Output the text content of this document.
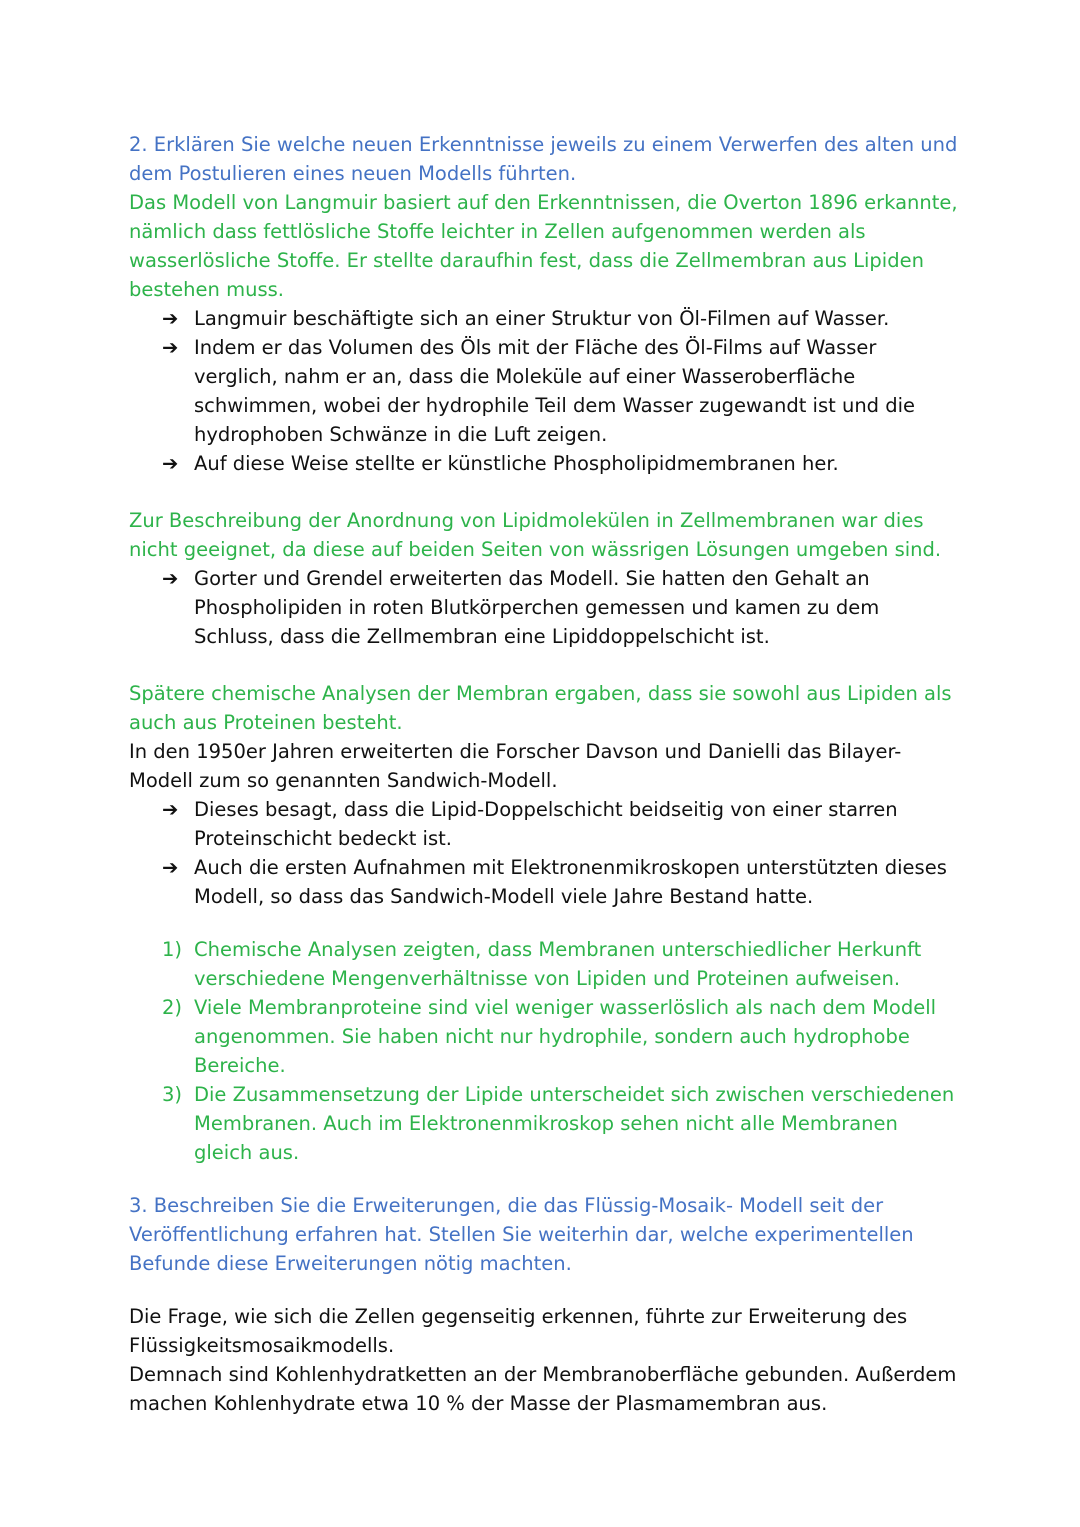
2. Erklären Sie welche neuen Erkenntnisse jeweils zu einem Verwerfen des alten und dem Postulieren eines neuen Modells führten.

Das Modell von Langmuir basiert auf den Erkenntnissen, die Overton 1896 erkannte, nämlich dass fettlösliche Stoffe leichter in Zellen aufgenommen werden als wasserlösliche Stoffe. Er stellte daraufhin fest, dass die Zellmembran aus Lipiden bestehen muss.

➔ Langmuir beschäftigte sich an einer Struktur von Öl-Filmen auf Wasser.
➔ Indem er das Volumen des Öls mit der Fläche des Öl-Films auf Wasser verglich, nahm er an, dass die Moleküle auf einer Wasseroberfläche schwimmen, wobei der hydrophile Teil dem Wasser zugewandt ist und die hydrophoben Schwänze in die Luft zeigen.
➔ Auf diese Weise stellte er künstliche Phospholipidmembranen her.

Zur Beschreibung der Anordnung von Lipidmolekülen in Zellmembranen war dies nicht geeignet, da diese auf beiden Seiten von wässrigen Lösungen umgeben sind.

➔ Gorter und Grendel erweiterten das Modell. Sie hatten den Gehalt an Phospholipiden in roten Blutkörperchen gemessen und kamen zu dem Schluss, dass die Zellmembran eine Lipiddoppelschicht ist.

Spätere chemische Analysen der Membran ergaben, dass sie sowohl aus Lipiden als auch aus Proteinen besteht.

In den 1950er Jahren erweiterten die Forscher Davson und Danielli das Bilayer-Modell zum so genannten Sandwich-Modell.

➔ Dieses besagt, dass die Lipid-Doppelschicht beidseitig von einer starren Proteinschicht bedeckt ist.
➔ Auch die ersten Aufnahmen mit Elektronenmikroskopen unterstützten dieses Modell, so dass das Sandwich-Modell viele Jahre Bestand hatte.
1) Chemische Analysen zeigten, dass Membranen unterschiedlicher Herkunft verschiedene Mengenverhältnisse von Lipiden und Proteinen aufweisen.
2) Viele Membranproteine sind viel weniger wasserlöslich als nach dem Modell angenommen. Sie haben nicht nur hydrophile, sondern auch hydrophobe Bereiche.
3) Die Zusammensetzung der Lipide unterscheidet sich zwischen verschiedenen Membranen. Auch im Elektronenmikroskop sehen nicht alle Membranen gleich aus.

3. Beschreiben Sie die Erweiterungen, die das Flüssig-Mosaik- Modell seit der Veröffentlichung erfahren hat. Stellen Sie weiterhin dar, welche experimentellen Befunde diese Erweiterungen nötig machten.

Die Frage, wie sich die Zellen gegenseitig erkennen, führte zur Erweiterung des Flüssigkeitsmosaikmodells.

Demnach sind Kohlenhydratketten an der Membranoberfläche gebunden. Außerdem machen Kohlenhydrate etwa 10 % der Masse der Plasmamembran aus.
